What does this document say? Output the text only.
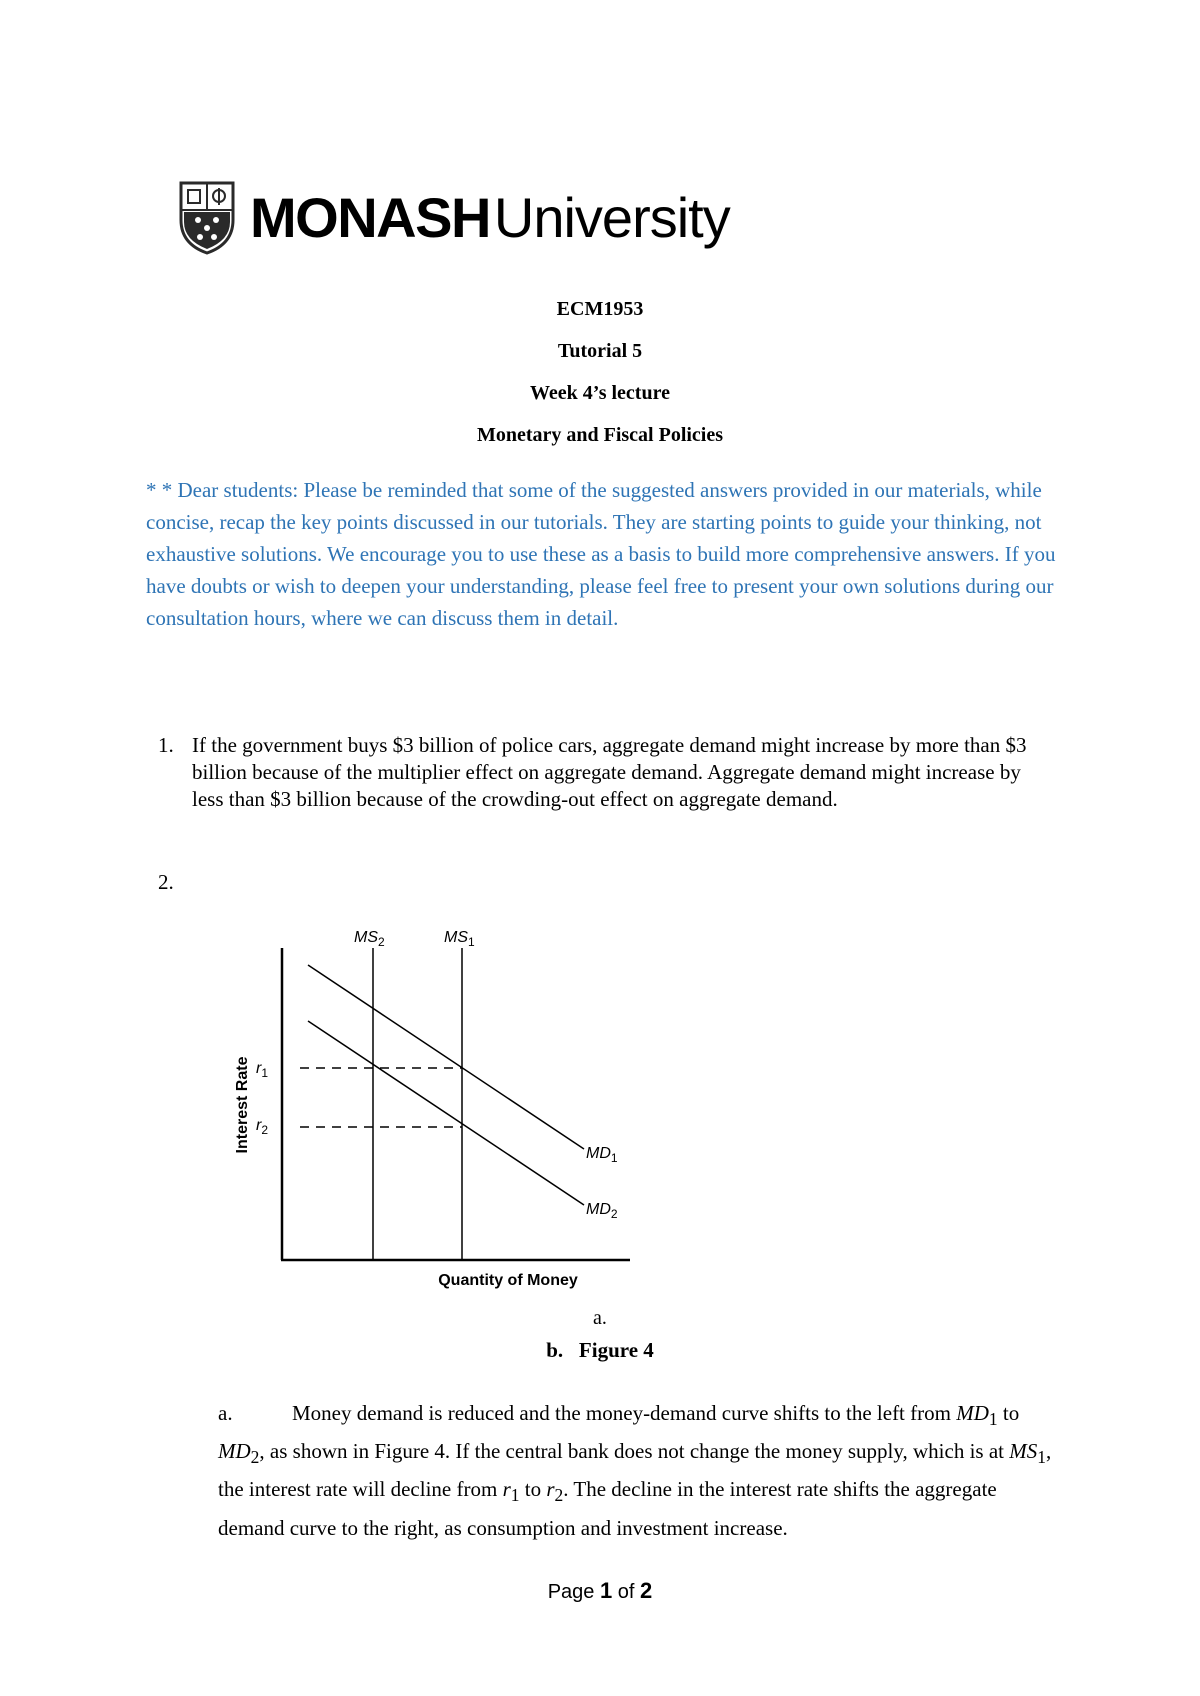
MONASHUniversity
ECM1953
Tutorial 5
Week 4’s lecture
Monetary and Fiscal Policies
* * Dear students: Please be reminded that some of the suggested answers provided in our materials, while concise, recap the key points discussed in our tutorials. They are starting points to guide your thinking, not exhaustive solutions. We encourage you to use these as a basis to build more comprehensive answers. If you have doubts or wish to deepen your understanding, please feel free to present your own solutions during our consultation hours, where we can discuss them in detail.
1. If the government buys $3 billion of police cars, aggregate demand might increase by more than $3 billion because of the multiplier effect on aggregate demand. Aggregate demand might increase by less than $3 billion because of the crowding-out effect on aggregate demand.
2.
Interest Rate
Quantity of Money
$MS_2$	$MS_1$
$MD_1$
$MD_2$
$r_1$
$r_2$
a.
b. Figure 4
a.	Money demand is reduced and the money-demand curve shifts to the left from $MD_1$ to $MD_2$, as shown in Figure 4. If the central bank does not change the money supply, which is at $MS_1$, the interest rate will decline from $r_1$ to $r_2$. The decline in the interest rate shifts the aggregate demand curve to the right, as consumption and investment increase.
Page 1 of 2
